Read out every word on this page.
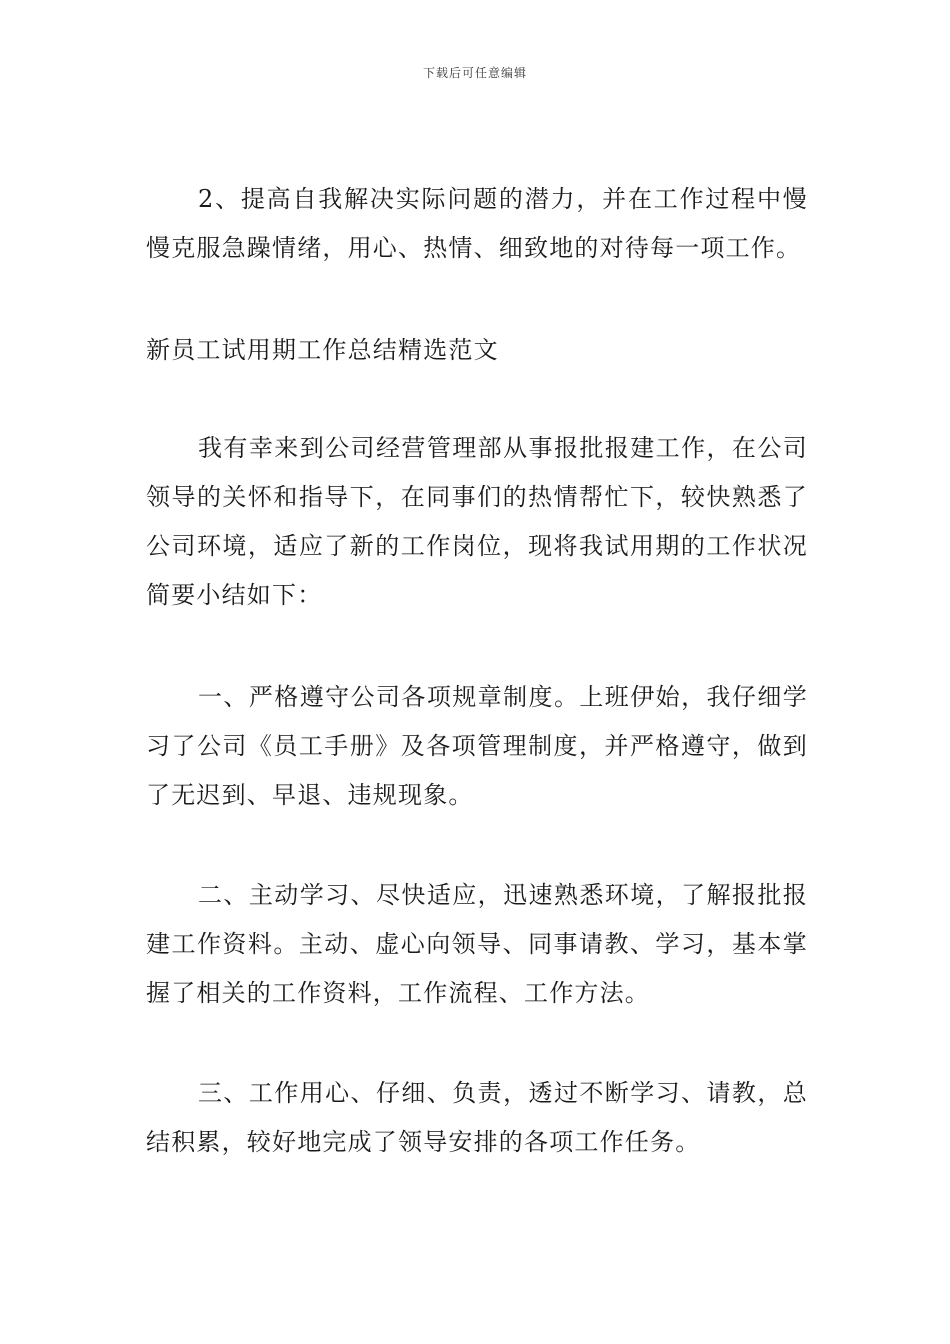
下载后可任意编辑

2、提高自我解决实际问题的潜力，并在工作过程中慢慢克服急躁情绪，用心、热情、细致地的对待每一项工作。

新员工试用期工作总结精选范文

我有幸来到公司经营管理部从事报批报建工作，在公司领导的关怀和指导下，在同事们的热情帮忙下，较快熟悉了公司环境，适应了新的工作岗位，现将我试用期的工作状况简要小结如下：

一、严格遵守公司各项规章制度。上班伊始，我仔细学习了公司《员工手册》及各项管理制度，并严格遵守，做到了无迟到、早退、违规现象。

二、主动学习、尽快适应，迅速熟悉环境，了解报批报建工作资料。主动、虚心向领导、同事请教、学习，基本掌握了相关的工作资料，工作流程、工作方法。

三、工作用心、仔细、负责，透过不断学习、请教，总结积累，较好地完成了领导安排的各项工作任务。
